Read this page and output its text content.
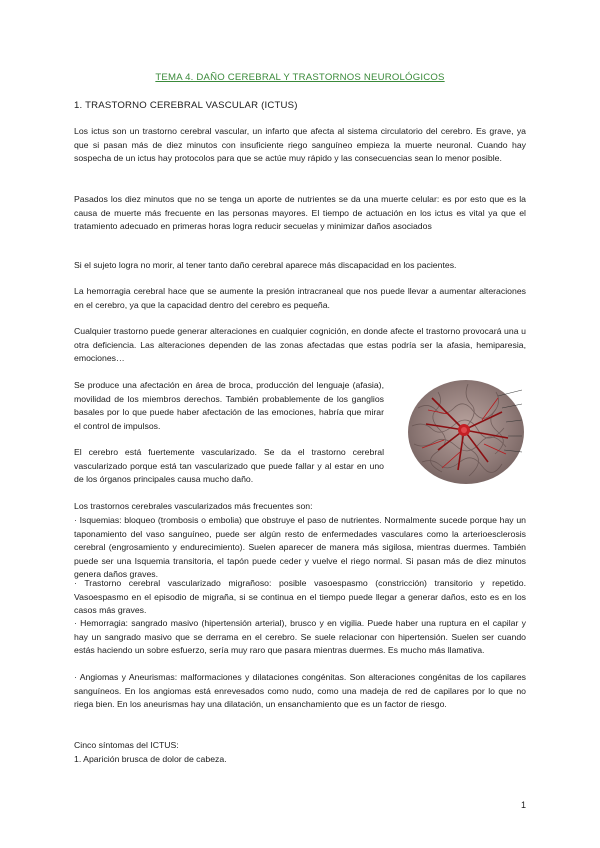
TEMA 4. DAÑO CEREBRAL Y TRASTORNOS NEUROLÓGICOS
1. TRASTORNO CEREBRAL VASCULAR (ICTUS)

Los ictus son un trastorno cerebral vascular, un infarto que afecta al sistema circulatorio del cerebro. Es grave, ya que si pasan más de diez minutos con insuficiente riego sanguíneo empieza la muerte neuronal. Cuando hay sospecha de un ictus hay protocolos para que se actúe muy rápido y las consecuencias sean lo menor posible.

Pasados los diez minutos que no se tenga un aporte de nutrientes se da una muerte celular: es por esto que es la causa de muerte más frecuente en las personas mayores. El tiempo de actuación en los ictus es vital ya que el tratamiento adecuado en primeras horas logra reducir secuelas y minimizar daños asociados

Si el sujeto logra no morir, al tener tanto daño cerebral aparece más discapacidad en los pacientes.

La hemorragia cerebral hace que se aumente la presión intracraneal que nos puede llevar a aumentar alteraciones en el cerebro, ya que la capacidad dentro del cerebro es pequeña.

Cualquier trastorno puede generar alteraciones en cualquier cognición, en donde afecte el trastorno provocará una u otra deficiencia. Las alteraciones dependen de las zonas afectadas que estas podría ser la afasia, hemiparesia, emociones…

Se produce una afectación en área de broca, producción del lenguaje (afasia), movilidad de los miembros derechos. También probablemente de los ganglios basales por lo que puede haber afectación de las emociones, habría que mirar el control de impulsos.

El cerebro está fuertemente vascularizado. Se da el trastorno cerebral vascularizado porque está tan vascularizado que puede fallar y al estar en uno de los órganos principales causa mucho daño.

Los trastornos cerebrales vascularizados más frecuentes son:

· Isquemias: bloqueo (trombosis o embolia) que obstruye el paso de nutrientes. Normalmente sucede porque hay un taponamiento del vaso sanguíneo, puede ser algún resto de enfermedades vasculares como la arterioesclerosis cerebral (engrosamiento y endurecimiento). Suelen aparecer de manera más sigilosa, mientras duermes. También puede ser una Isquemia transitoria, el tapón puede ceder y vuelve el riego normal. Si pasan más de diez minutos genera daños graves.

· Trastorno cerebral vascularizado migrañoso: posible vasoespasmo (constricción) transitorio y repetido. Vasoespasmo en el episodio de migraña, si se continua en el tiempo puede llegar a generar daños, esto es en los casos más graves.

· Hemorragia: sangrado masivo (hipertensión arterial), brusco y en vigilia. Puede haber una ruptura en el capilar y hay un sangrado masivo que se derrama en el cerebro. Se suele relacionar con hipertensión. Suelen ser cuando estás haciendo un sobre esfuerzo, sería muy raro que pasara mientras duermes. Es mucho más llamativa.

· Angiomas y Aneurismas: malformaciones y dilataciones congénitas. Son alteraciones congénitas de los capilares sanguíneos. En los angiomas está enrevesados como nudo, como una madeja de red de capilares por lo que no riega bien. En los aneurismas hay una dilatación, un ensanchamiento que es un factor de riesgo.

Cinco síntomas del ICTUS:

1. Aparición brusca de dolor de cabeza.

1
